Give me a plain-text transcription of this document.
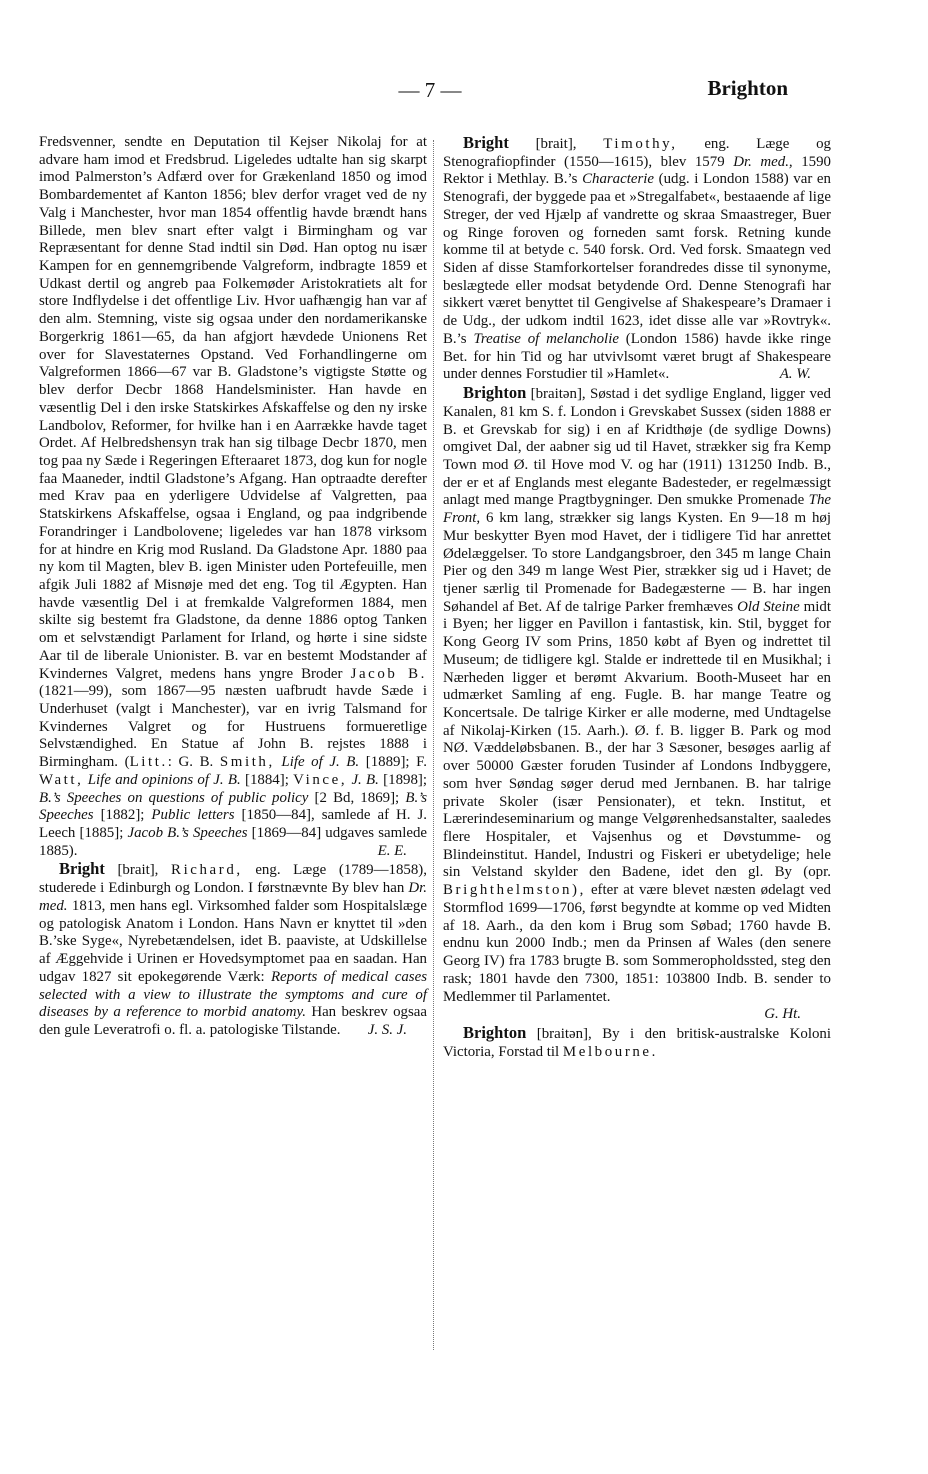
— 7 —	Brighton

Fredsvenner, sendte en Deputation til Kejser Nikolaj for at advare ham imod et Fredsbrud. Ligeledes udtalte han sig skarpt imod Palmerston’s Adfærd over for Grækenland 1850 og imod Bombardementet af Kanton 1856; blev derfor vraget ved de ny Valg i Manchester, hvor man 1854 offentlig havde brændt hans Billede, men blev snart efter valgt i Birmingham og var Repræsentant for denne Stad indtil sin Død. Han optog nu især Kampen for en gennemgribende Valgreform, indbragte 1859 et Udkast dertil og angreb paa Folkemøder Aristokratiets alt for store Indflydelse i det offentlige Liv. Hvor uafhængig han var af den alm. Stemning, viste sig ogsaa under den nordamerikanske Borgerkrig 1861—65, da han afgjort hævdede Unionens Ret over for Slavestaternes Opstand. Ved Forhandlingerne om Valgreformen 1866—67 var B. Gladstone’s vigtigste Støtte og blev derfor Decbr 1868 Handelsminister. Han havde en væsentlig Del i den irske Statskirkes Afskaffelse og den ny irske Landbolov, Reformer, for hvilke han i en Aarrække havde taget Ordet. Af Helbredshensyn trak han sig tilbage Decbr 1870, men tog paa ny Sæde i Regeringen Efteraaret 1873, dog kun for nogle faa Maaneder, indtil Gladstone’s Afgang. Han optraadte derefter med Krav paa en yderligere Udvidelse af Valgretten, paa Statskirkens Afskaffelse, ogsaa i England, og paa indgribende Forandringer i Landbolovene; ligeledes var han 1878 virksom for at hindre en Krig mod Rusland. Da Gladstone Apr. 1880 paa ny kom til Magten, blev B. igen Minister uden Portefeuille, men afgik Juli 1882 af Misnøje med det eng. Tog til Ægypten. Han havde væsentlig Del i at fremkalde Valgreformen 1884, men skilte sig bestemt fra Gladstone, da denne 1886 optog Tanken om et selvstændigt Parlament for Irland, og hørte i sine sidste Aar til de liberale Unionister. B. var en bestemt Modstander af Kvindernes Valgret, medens hans yngre Broder Jacob B. (1821—99), som 1867—95 næsten uafbrudt havde Sæde i Underhuset (valgt i Manchester), var en ivrig Talsmand for Kvindernes Valgret og for Hustruens formueretlige Selvstændighed. En Statue af John B. rejstes 1888 i Birmingham. (Litt.: G. B. Smith, Life of J. B. [1889]; F. Watt, Life and opinions of J. B. [1884]; Vince, J. B. [1898]; B.’s Speeches on questions of public policy [2 Bd, 1869]; B.’s Speeches [1882]; Public letters [1850—84], samlede af H. J. Leech [1885]; Jacob B.’s Speeches [1869—84] udgaves samlede 1885).	E. E.

Bright [brait], Richard, eng. Læge (1789—1858), studerede i Edinburgh og London. I førstnævnte By blev han Dr. med. 1813, men hans egl. Virksomhed falder som Hospitalslæge og patologisk Anatom i London. Hans Navn er knyttet til »den B.’ske Syge«, Nyrebetændelsen, idet B. paaviste, at Udskillelse af Æggehvide i Urinen er Hovedsymptomet paa en saadan. Han udgav 1827 sit epokegørende Værk: Reports of medical cases selected with a view to illustrate the symptoms and cure of diseases by a reference to morbid anatomy. Han beskrev ogsaa den gule Leveratrofi o. fl. a. patologiske Tilstande.	J. S. J.

Bright [brait], Timothy, eng. Læge og Stenografiopfinder (1550—1615), blev 1579 Dr. med., 1590 Rektor i Methlay. B.’s Characterie (udg. i London 1588) var en Stenografi, der byggede paa et »Stregalfabet«, bestaaende af lige Streger, der ved Hjælp af vandrette og skraa Smaastreger, Buer og Ringe foroven og forneden samt forsk. Retning kunde komme til at betyde c. 540 forsk. Ord. Ved forsk. Smaategn ved Siden af disse Stamforkortelser forandredes disse til synonyme, beslægtede eller modsat betydende Ord. Denne Stenografi har sikkert været benyttet til Gengivelse af Shakespeare’s Dramaer i de Udg., der udkom indtil 1623, idet disse alle var »Rovtryk«. B.’s Treatise of melancholie (London 1586) havde ikke ringe Bet. for hin Tid og har utvivlsomt været brugt af Shakespeare under dennes Forstudier til »Hamlet«.	A. W.

Brighton [braitən], Søstad i det sydlige England, ligger ved Kanalen, 81 km S. f. London i Grevskabet Sussex (siden 1888 er B. et Grevskab for sig) i en af Kridthøje (de sydlige Downs) omgivet Dal, der aabner sig ud til Havet, strækker sig fra Kemp Town mod Ø. til Hove mod V. og har (1911) 131250 Indb. B., der er et af Englands mest elegante Badesteder, er regelmæssigt anlagt med mange Pragtbygninger. Den smukke Promenade The Front, 6 km lang, strækker sig langs Kysten. En 9—18 m høj Mur beskytter Byen mod Havet, der i tidligere Tid har anrettet Ødelæggelser. To store Landgangsbroer, den 345 m lange Chain Pier og den 349 m lange West Pier, strækker sig ud i Havet; de tjener særlig til Promenade for Badegæsterne — B. har ingen Søhandel af Bet. Af de talrige Parker fremhæves Old Steine midt i Byen; her ligger en Pavillon i fantastisk, kin. Stil, bygget for Kong Georg IV som Prins, 1850 købt af Byen og indrettet til Museum; de tidligere kgl. Stalde er indrettede til en Musikhal; i Nærheden ligger et berømt Akvarium. Booth-Museet har en udmærket Samling af eng. Fugle. B. har mange Teatre og Koncertsale. De talrige Kirker er alle moderne, med Undtagelse af Nikolaj-Kirken (15. Aarh.). Ø. f. B. ligger B. Park og mod NØ. Væddeløbsbanen. B., der har 3 Sæsoner, besøges aarlig af over 50000 Gæster foruden Tusinder af Londons Indbyggere, som hver Søndag søger derud med Jernbanen. B. har talrige private Skoler (især Pensionater), et tekn. Institut, et Lærerindeseminarium og mange Velgørenhedsanstalter, saaledes flere Hospitaler, et Vajsenhus og et Døvstumme- og Blindeinstitut. Handel, Industri og Fiskeri er ubetydelige; hele sin Velstand skylder den Badene, idet den gl. By (opr. Brighthelmston), efter at være blevet næsten ødelagt ved Stormflod 1699—1706, først begyndte at komme op ved Midten af 18. Aarh., da den kom i Brug som Søbad; 1760 havde B. endnu kun 2000 Indb.; men da Prinsen af Wales (den senere Georg IV) fra 1783 brugte B. som Sommeropholdssted, steg den rask; 1801 havde den 7300, 1851: 103800 Indb. B. sender to Medlemmer til Parlamentet.
G. Ht.

Brighton [braitən], By i den britisk-australske Koloni Victoria, Forstad til Melbourne.
